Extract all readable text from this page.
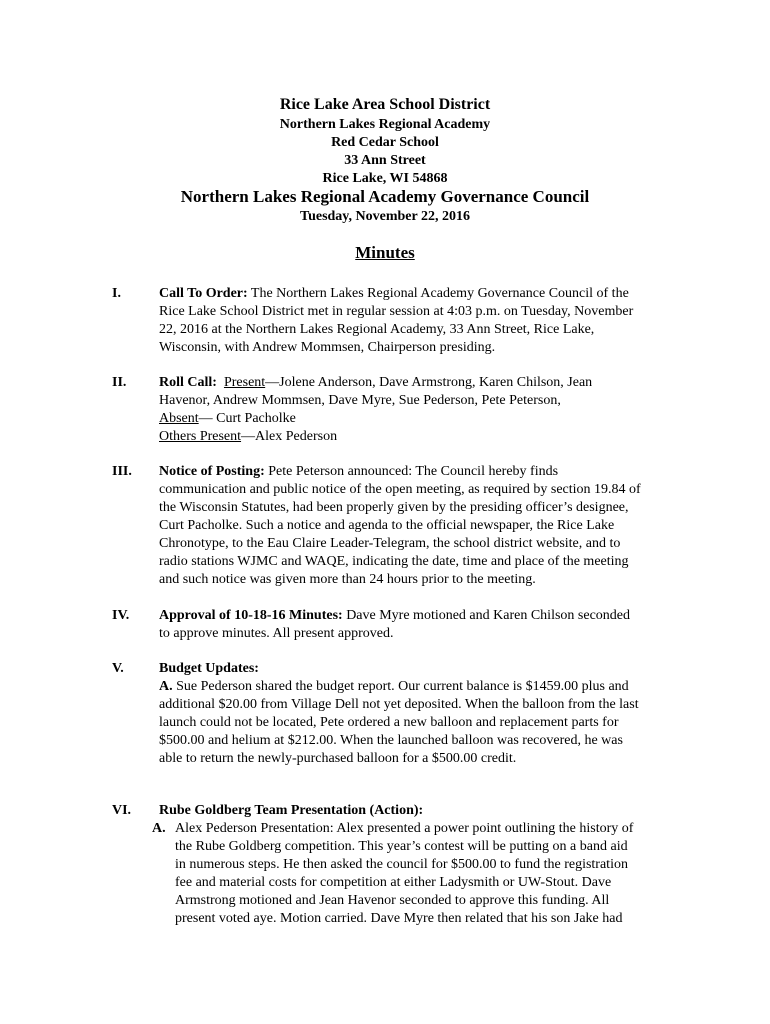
Rice Lake Area School District
Northern Lakes Regional Academy
Red Cedar School
33 Ann Street
Rice Lake, WI 54868
Northern Lakes Regional Academy Governance Council
Tuesday, November 22, 2016
Minutes
I.	Call To Order: The Northern Lakes Regional Academy Governance Council of the
Rice Lake School District met in regular session at 4:03 p.m. on Tuesday, November
22, 2016 at the Northern Lakes Regional Academy, 33 Ann Street, Rice Lake,
Wisconsin, with Andrew Mommsen, Chairperson presiding.
II. Roll Call: Present—Jolene Anderson, Dave Armstrong, Karen Chilson, Jean
Havenor, Andrew Mommsen, Dave Myre, Sue Pederson, Pete Peterson,
Absent— Curt Pacholke
Others Present—Alex Pederson
III. Notice of Posting: Pete Peterson announced: The Council hereby finds
communication and public notice of the open meeting, as required by section 19.84 of
the Wisconsin Statutes, had been properly given by the presiding officer’s designee,
Curt Pacholke. Such a notice and agenda to the official newspaper, the Rice Lake
Chronotype, to the Eau Claire Leader-Telegram, the school district website, and to
radio stations WJMC and WAQE, indicating the date, time and place of the meeting
and such notice was given more than 24 hours prior to the meeting.
IV. Approval of 10-18-16 Minutes: Dave Myre motioned and Karen Chilson seconded
to approve minutes. All present approved.
V.	Budget Updates:
A. Sue Pederson shared the budget report. Our current balance is $1459.00 plus and
additional $20.00 from Village Dell not yet deposited. When the balloon from the last
launch could not be located, Pete ordered a new balloon and replacement parts for
$500.00 and helium at $212.00. When the launched balloon was recovered, he was
able to return the newly-purchased balloon for a $500.00 credit.
VI. Rube Goldberg Team Presentation (Action):
A. Alex Pederson Presentation: Alex presented a power point outlining the history of
the Rube Goldberg competition. This year’s contest will be putting on a band aid
in numerous steps. He then asked the council for $500.00 to fund the registration
fee and material costs for competition at either Ladysmith or UW-Stout. Dave
Armstrong motioned and Jean Havenor seconded to approve this funding. All
present voted aye. Motion carried. Dave Myre then related that his son Jake had
